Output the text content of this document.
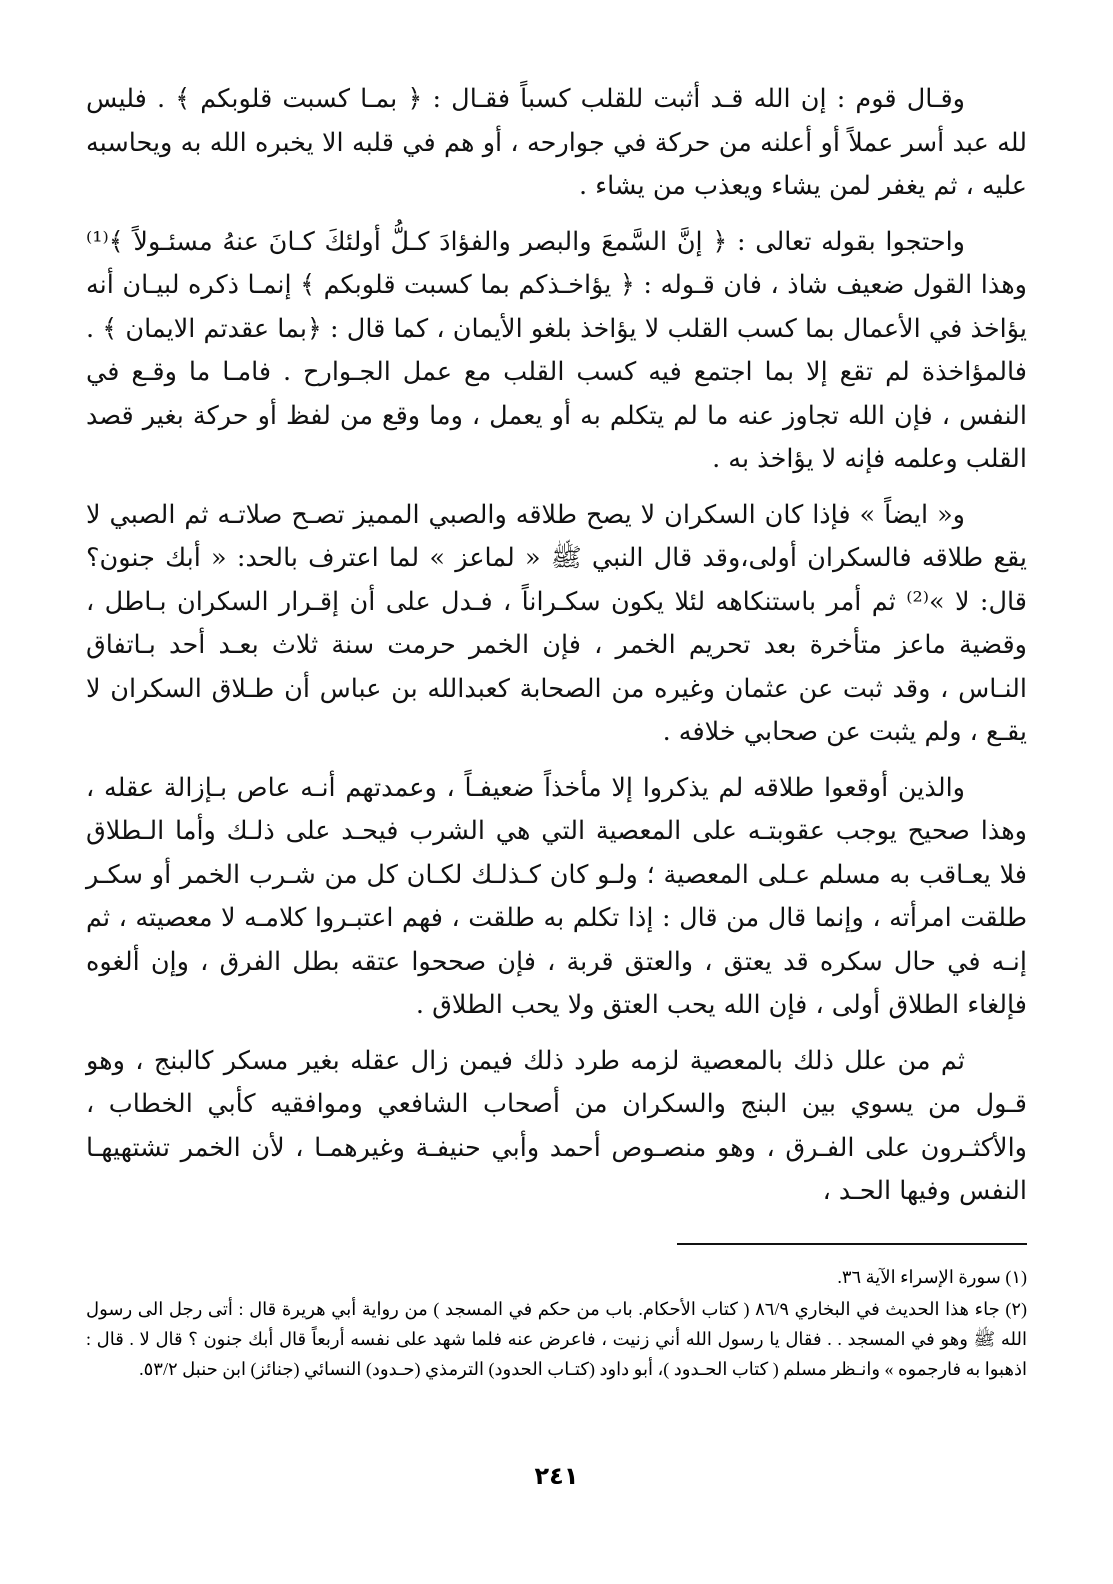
وقـال قوم : إن الله قـد أثبت للقلب كسباً فقـال : ﴿ بمـا كسبت قلوبكم ﴾ . فليس لله عبد أسر عملاً أو أعلنه من حركة في جوارحه ، أو هم في قلبه الا يخبره الله به ويحاسبه عليه ، ثم يغفر لمن يشاء ويعذب من يشاء .

واحتجوا بقوله تعالى : ﴿ إنَّ السَّمعَ والبصر والفؤادَ كـلُّ أولئكَ كـانَ عنهُ مسئـولاً ﴾⁽¹⁾ وهذا القول ضعيف شاذ ، فان قـوله : ﴿ يؤاخـذكم بما كسبت قلوبكم ﴾ إنمـا ذكره لبيـان أنه يؤاخذ في الأعمال بما كسب القلب لا يؤاخذ بلغو الأيمان ، كما قال : ﴿بما عقدتم الايمان ﴾ . فالمؤاخذة لم تقع إلا بما اجتمع فيه كسب القلب مع عمل الجـوارح . فامـا ما وقـع في النفس ، فإن الله تجاوز عنه ما لم يتكلم به أو يعمل ، وما وقع من لفظ أو حركة بغير قصد القلب وعلمه فإنه لا يؤاخذ به .

و« ايضاً » فإذا كان السكران لا يصح طلاقه والصبي المميز تصـح صلاتـه ثم الصبي لا يقع طلاقه فالسكران أولى،وقد قال النبي ﷺ « لماعز » لما اعترف بالحد: « أبك جنون؟قال: لا »⁽²⁾ ثم أمر باستنكاهه لئلا يكون سكـراناً ، فـدل على أن إقـرار السكران بـاطل ، وقضية ماعز متأخرة بعد تحريم الخمر ، فإن الخمر حرمت سنة ثلاث بعـد أحد بـاتفاق النـاس ، وقد ثبت عن عثمان وغيره من الصحابة كعبدالله بن عباس أن طـلاق السكران لا يقـع ، ولم يثبت عن صحابي خلافه .

والذين أوقعوا طلاقه لم يذكروا إلا مأخذاً ضعيفـاً ، وعمدتهم أنـه عاص بـإزالة عقله ، وهذا صحيح يوجب عقوبتـه على المعصية التي هي الشرب فيحـد على ذلـك وأما الـطلاق فلا يعـاقب به مسلم عـلى المعصية ؛ ولـو كان كـذلـك لكـان كل من شـرب الخمر أو سكـر طلقت امرأته ، وإنما قال من قال : إذا تكلم به طلقت ، فهم اعتبـروا كلامـه لا معصيته ، ثم إنـه في حال سكره قد يعتق ، والعتق قربة ، فإن صححوا عتقه بطل الفرق ، وإن ألغوه فإلغاء الطلاق أولى ، فإن الله يحب العتق ولا يحب الطلاق .

ثم من علل ذلك بالمعصية لزمه طرد ذلك فيمن زال عقله بغير مسكر كالبنج ، وهو قـول من يسوي بين البنج والسكران من أصحاب الشافعي وموافقيه كأبي الخطاب ، والأكثـرون على الفـرق ، وهو منصـوص أحمد وأبي حنيفـة وغيرهمـا ، لأن الخمر تشتهيهـا النفس وفيها الحـد ،

(١) سورة الإسراء الآية ٣٦.

(٢) جاء هذا الحديث في البخاري ٨٦/٩ ( كتاب الأحكام. باب من حكم في المسجد ) من رواية أبي هريرة قال : أتى رجل الى رسول الله ﷺ وهو في المسجد . . فقال يا رسول الله أني زنيت ، فاعرض عنه فلما شهد على نفسه أربعاً قال أبك جنون ؟ قال لا . قال : اذهبوا به فارجموه » وانـظر مسلم ( كتاب الحـدود )، أبو داود (كتـاب الحدود) الترمذي (حـدود) النسائي (جنائز) ابن حنبل ٥٣/٢.

٢٤١
